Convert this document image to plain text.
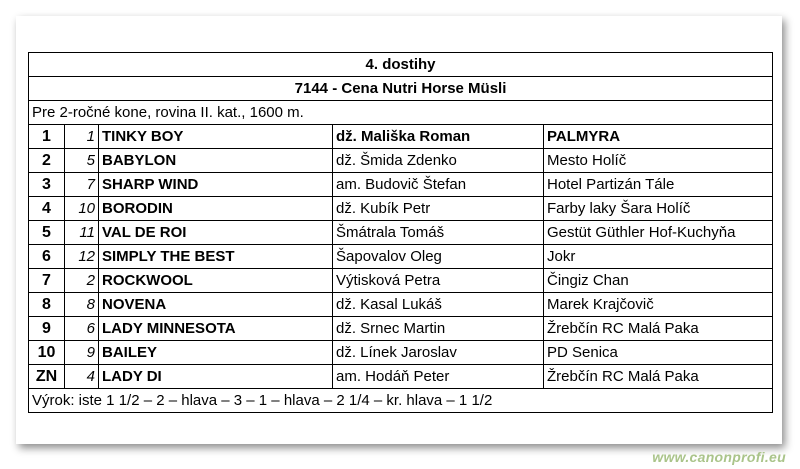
4. dostihy				
7144 - Cena Nutri Horse Müsli				
Pre 2-ročné kone, rovina II. kat., 1600 m.				
1	1	TINKY BOY	dž. Mališka Roman	PALMYRA
2	5	BABYLON	dž. Šmida Zdenko	Mesto Holíč
3	7	SHARP WIND	am. Budovič Štefan	Hotel Partizán Tále
4	10	BORODIN	dž. Kubík Petr	Farby laky Šara Holíč
5	11	VAL DE ROI	Šmátrala Tomáš	Gestüt Güthler Hof-Kuchyňa
6	12	SIMPLY THE BEST	Šapovalov Oleg	Jokr
7	2	ROCKWOOL	Výtisková Petra	Čingiz Chan
8	8	NOVENA	dž. Kasal Lukáš	Marek Krajčovič
9	6	LADY MINNESOTA	dž. Srnec Martin	Žrebčín RC Malá Paka
10	9	BAILEY	dž. Línek Jaroslav	PD Senica
ZN	4	LADY DI	am. Hodáň Peter	Žrebčín RC Malá Paka
Výrok: iste 1 1/2 – 2 – hlava – 3 – 1 – hlava – 2 1/4 – kr. hlava – 1 1/2				
www.canonprofi.eu
